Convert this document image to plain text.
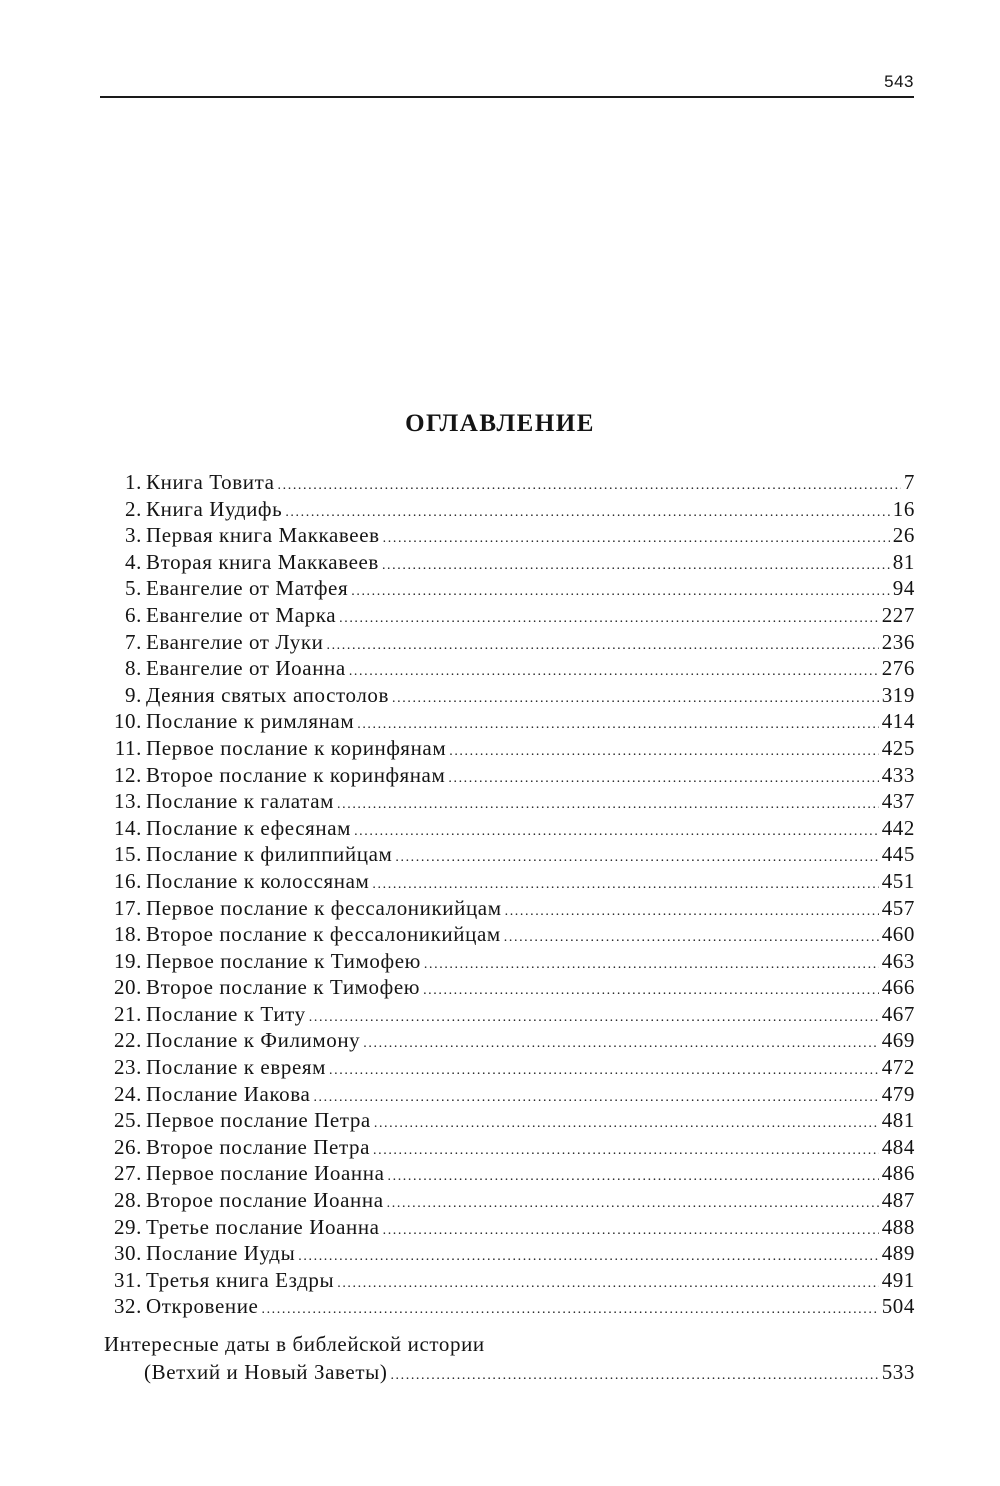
543
ОГЛАВЛЕНИЕ
1. Книга Товита .....	7
2. Книга Иудифь .....	16
3. Первая книга Маккавеев .....	26
4. Вторая книга Маккавеев .....	81
5. Евангелие от Матфея .....	94
6. Евангелие от Марка .....	227
7. Евангелие от Луки .....	236
8. Евангелие от Иоанна .....	276
9. Деяния святых апостолов .....	319
10. Послание к римлянам .....	414
11. Первое послание к коринфянам .....	425
12. Второе послание к коринфянам .....	433
13. Послание к галатам .....	437
14. Послание к ефесянам .....	442
15. Послание к филиппийцам .....	445
16. Послание к колоссянам .....	451
17. Первое послание к фессалоникийцам .....	457
18. Второе послание к фессалоникийцам .....	460
19. Первое послание к Тимофею .....	463
20. Второе послание к Тимофею .....	466
21. Послание к Титу .....	467
22. Послание к Филимону .....	469
23. Послание к евреям .....	472
24. Послание Иакова .....	479
25. Первое послание Петра .....	481
26. Второе послание Петра .....	484
27. Первое послание Иоанна .....	486
28. Второе послание Иоанна .....	487
29. Третье послание Иоанна .....	488
30. Послание Иуды .....	489
31. Третья книга Ездры .....	491
32. Откровение .....	504
Интересные даты в библейской истории
(Ветхий и Новый Заветы) .....	533
